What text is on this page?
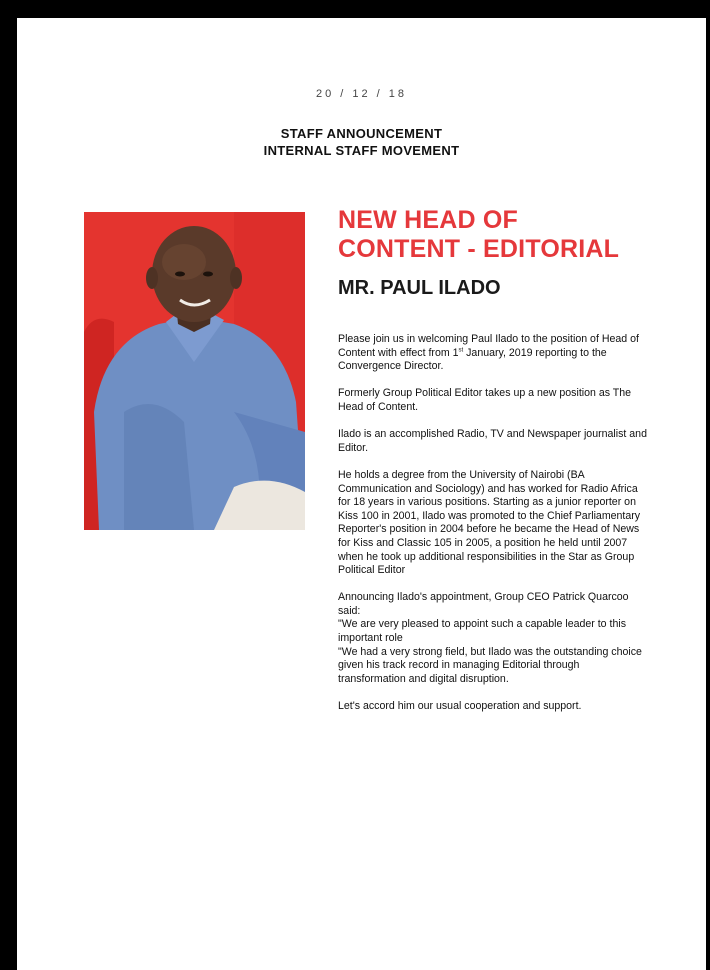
20 / 12 / 18
STAFF ANNOUNCEMENT
INTERNAL STAFF MOVEMENT
NEW HEAD OF
CONTENT - EDITORIAL
MR. PAUL ILADO

Please join us in welcoming Paul Ilado to the position of Head of Content with effect from 1st January, 2019 reporting to the Convergence Director.

Formerly Group Political Editor takes up a new position as The Head of Content.

Ilado is an accomplished Radio, TV and Newspaper journalist and Editor.

He holds a degree from the University of Nairobi (BA Communication and Sociology) and has worked for Radio Africa for 18 years in various positions. Starting as a junior reporter on Kiss 100 in 2001, Ilado was promoted to the Chief Parliamentary Reporter's position in 2004 before he became the Head of News for Kiss and Classic 105 in 2005, a position he held until 2007 when he took up additional responsibilities in the Star as Group Political Editor

Announcing Ilado's appointment, Group CEO Patrick Quarcoo said:
"We are very pleased to appoint such a capable leader to this important role
"We had a very strong field, but Ilado was the outstanding choice given his track record in managing Editorial through transformation and digital disruption.

Let's accord him our usual cooperation and support.
